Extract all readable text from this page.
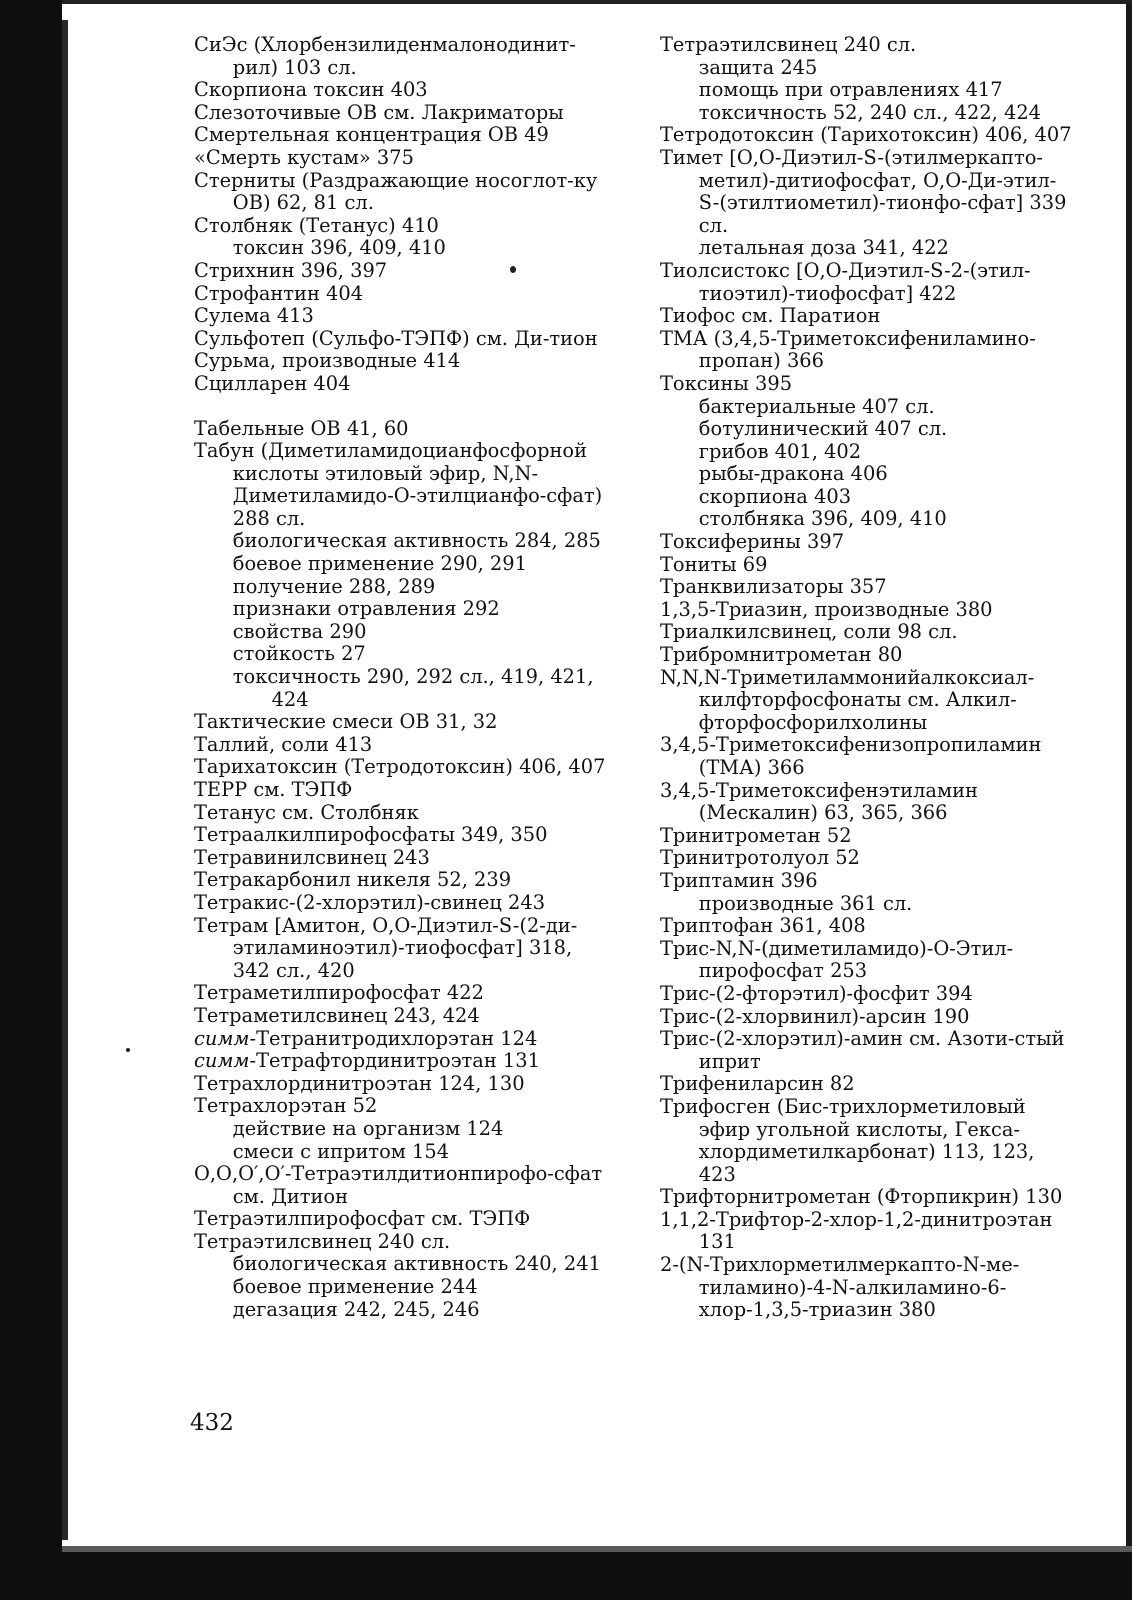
СиЭс (Хлорбензилиденмалонодинит-рил) 103 сл.
Скорпиона токсин 403
Слезоточивые ОВ см. Лакриматоры
Смертельная концентрация ОВ 49
«Смерть кустам» 375
Стерниты (Раздражающие носоглот-ку ОВ) 62, 81 сл.
Столбняк (Тетанус) 410
токсин 396, 409, 410
Стрихнин 396, 397
Строфантин 404
Сулема 413
Сульфотеп (Сульфо-ТЭПФ) см. Ди-тион
Сурьма, производные 414
Сцилларен 404
Табельные ОВ 41, 60
Табун (Диметиламидоцианфосфорной кислоты этиловый эфир, N,N-Диметиламидо-О-этилцианфо-сфат) 288 сл.
биологическая активность 284, 285
боевое применение 290, 291
получение 288, 289
признаки отравления 292
свойства 290
стойкость 27
токсичность 290, 292 сл., 419, 421, 424
Тактические смеси ОВ 31, 32
Таллий, соли 413
Тарихатоксин (Тетродотоксин) 406, 407
ТЕРР см. ТЭПФ
Тетанус см. Столбняк
Тетраалкилпирофосфаты 349, 350
Тетравинилсвинец 243
Тетракарбонил никеля 52, 239
Тетракис-(2-хлорэтил)-свинец 243
Тетрам [Амитон, О,О-Диэтил-S-(2-ди-этиламиноэтил)-тиофосфат] 318, 342 сл., 420
Тетраметилпирофосфат 422
Тетраметилсвинец 243, 424
симм-Тетранитродихлорэтан 124
симм-Тетрафтординитроэтан 131
Тетрахлординитроэтан 124, 130
Тетрахлорэтан 52
действие на организм 124
смеси с ипритом 154
О,О,О′,О′-Тетраэтилдитионпирофо-сфат см. Дитион
Тетраэтилпирофосфат см. ТЭПФ
Тетраэтилсвинец 240 сл.
биологическая активность 240, 241
боевое применение 244
дегазация 242, 245, 246
Тетраэтилсвинец 240 сл.
защита 245
помощь при отравлениях 417
токсичность 52, 240 сл., 422, 424
Тетродотоксин (Тарихотоксин) 406, 407
Тимет [О,О-Диэтил-S-(этилмеркапто-метил)-дитиофосфат, О,О-Ди-этил-S-(этилтиометил)-тионфо-сфат] 339 сл.
летальная доза 341, 422
Тиолсистокс [О,О-Диэтил-S-2-(этил-тиоэтил)-тиофосфат] 422
Тиофос см. Паратион
ТМА (3,4,5-Триметоксифениламино-пропан) 366
Токсины 395
бактериальные 407 сл.
ботулинический 407 сл.
грибов 401, 402
рыбы-дракона 406
скорпиона 403
столбняка 396, 409, 410
Токсиферины 397
Тониты 69
Транквилизаторы 357
1,3,5-Триазин, производные 380
Триалкилсвинец, соли 98 сл.
Трибромнитрометан 80
N,N,N-Триметиламмонийалкоксиал-килфторфосфонаты см. Алкил-фторфосфорилхолины
3,4,5-Триметоксифенизопропиламин (ТМА) 366
3,4,5-Триметоксифенэтиламин (Мескалин) 63, 365, 366
Тринитрометан 52
Тринитротолуол 52
Триптамин 396
производные 361 сл.
Триптофан 361, 408
Трис-N,N-(диметиламидо)-О-Этил-пирофосфат 253
Трис-(2-фторэтил)-фосфит 394
Трис-(2-хлорвинил)-арсин 190
Трис-(2-хлорэтил)-амин см. Азоти-стый иприт
Трифениларсин 82
Трифосген (Бис-трихлорметиловый эфир угольной кислоты, Гекса-хлордиметилкарбонат) 113, 123, 423
Трифторнитрометан (Фторпикрин) 130
1,1,2-Трифтор-2-хлор-1,2-динитроэтан 131
2-(N-Трихлорметилмеркапто-N-ме-тиламино)-4-N-алкиламино-6-хлор-1,3,5-триазин 380
432
